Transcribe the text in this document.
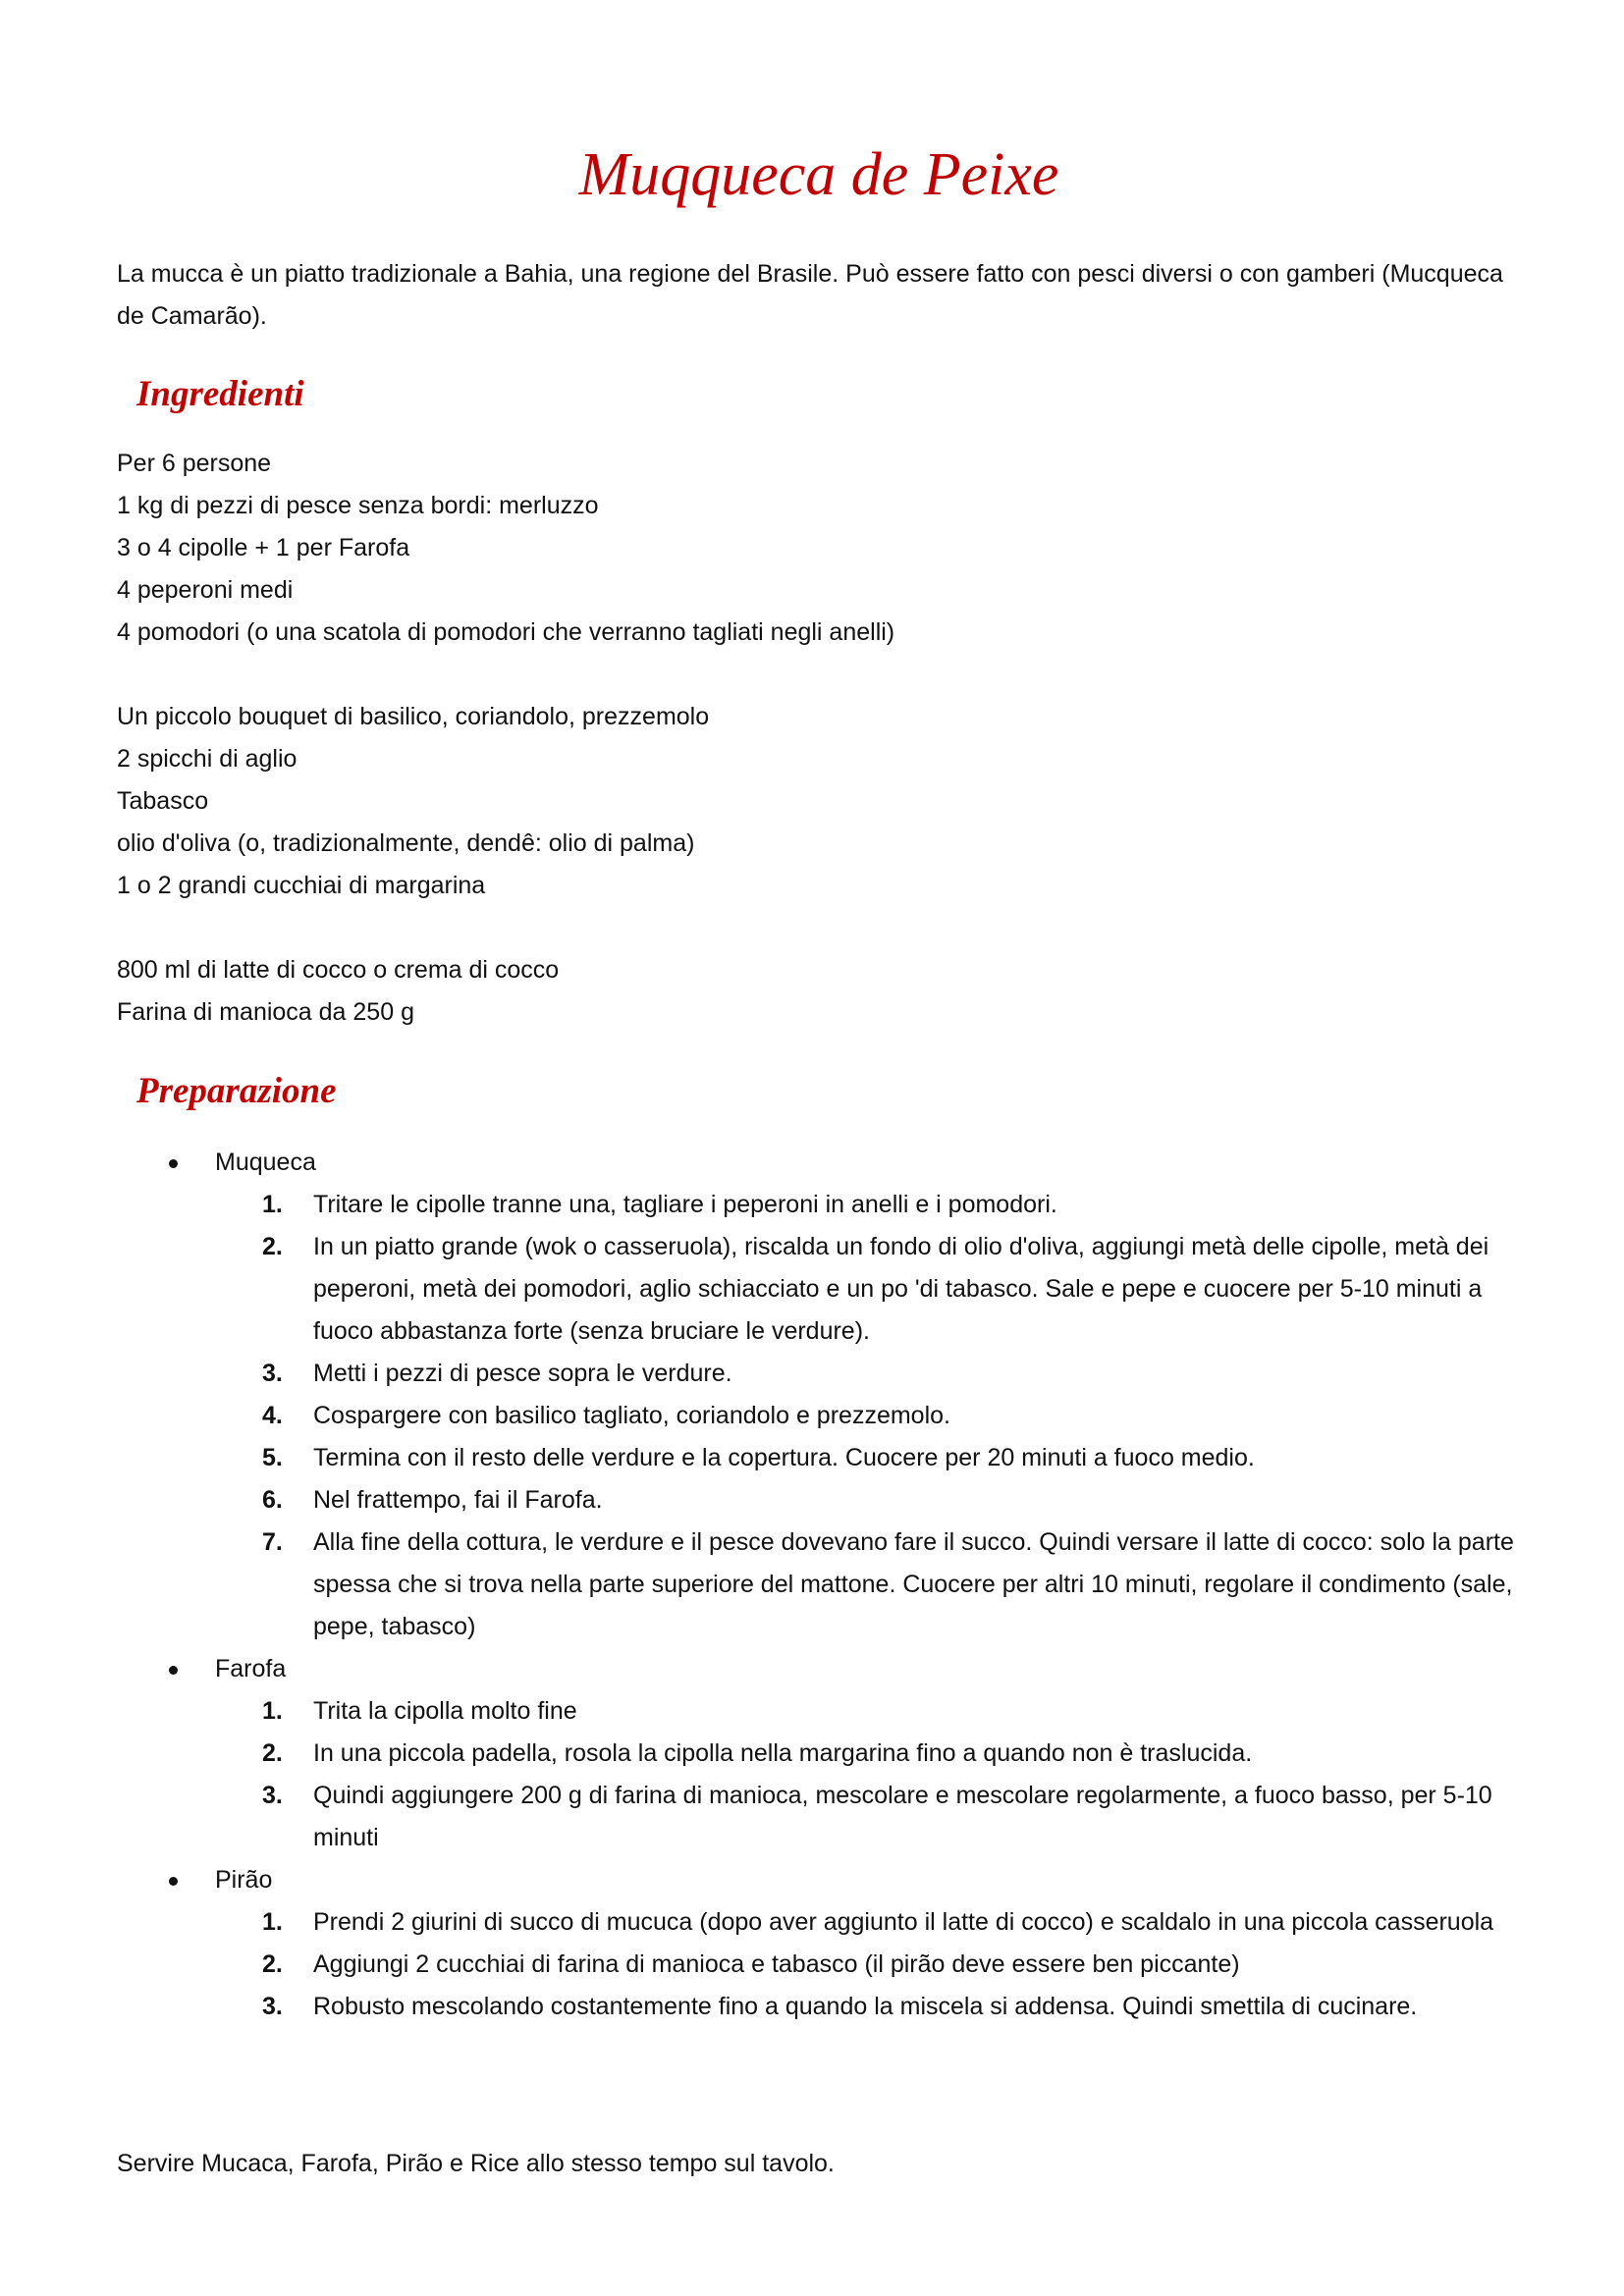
Muqqueca de Peixe

La mucca è un piatto tradizionale a Bahia, una regione del Brasile. Può essere fatto con pesci diversi o con gamberi (Mucqueca de Camarão).

Ingredienti
Per 6 persone
1 kg di pezzi di pesce senza bordi: merluzzo
3 o 4 cipolle + 1 per Farofa
4 peperoni medi
4 pomodori (o una scatola di pomodori che verranno tagliati negli anelli)
Un piccolo bouquet di basilico, coriandolo, prezzemolo
2 spicchi di aglio
Tabasco
olio d'oliva (o, tradizionalmente, dendê: olio di palma)
1 o 2 grandi cucchiai di margarina
800 ml di latte di cocco o crema di cocco
Farina di manioca da 250 g
Preparazione
Muqueca
1. Tritare le cipolle tranne una, tagliare i peperoni in anelli e i pomodori.
2. In un piatto grande (wok o casseruola), riscalda un fondo di olio d'oliva, aggiungi metà delle cipolle, metà dei peperoni, metà dei pomodori, aglio schiacciato e un po 'di tabasco. Sale e pepe e cuocere per 5-10 minuti a fuoco abbastanza forte (senza bruciare le verdure).
3. Metti i pezzi di pesce sopra le verdure.
4. Cospargere con basilico tagliato, coriandolo e prezzemolo.
5. Termina con il resto delle verdure e la copertura. Cuocere per 20 minuti a fuoco medio.
6. Nel frattempo, fai il Farofa.
7. Alla fine della cottura, le verdure e il pesce dovevano fare il succo. Quindi versare il latte di cocco: solo la parte spessa che si trova nella parte superiore del mattone. Cuocere per altri 10 minuti, regolare il condimento (sale, pepe, tabasco)
Farofa
1. Trita la cipolla molto fine
2. In una piccola padella, rosola la cipolla nella margarina fino a quando non è traslucida.
3. Quindi aggiungere 200 g di farina di manioca, mescolare e mescolare regolarmente, a fuoco basso, per 5-10 minuti
Pirão
1. Prendi 2 giurini di succo di mucuca (dopo aver aggiunto il latte di cocco) e scaldalo in una piccola casseruola
2. Aggiungi 2 cucchiai di farina di manioca e tabasco (il pirão deve essere ben piccante)
3. Robusto mescolando costantemente fino a quando la miscela si addensa. Quindi smettila di cucinare.

Servire Mucaca, Farofa, Pirão e Rice allo stesso tempo sul tavolo.
